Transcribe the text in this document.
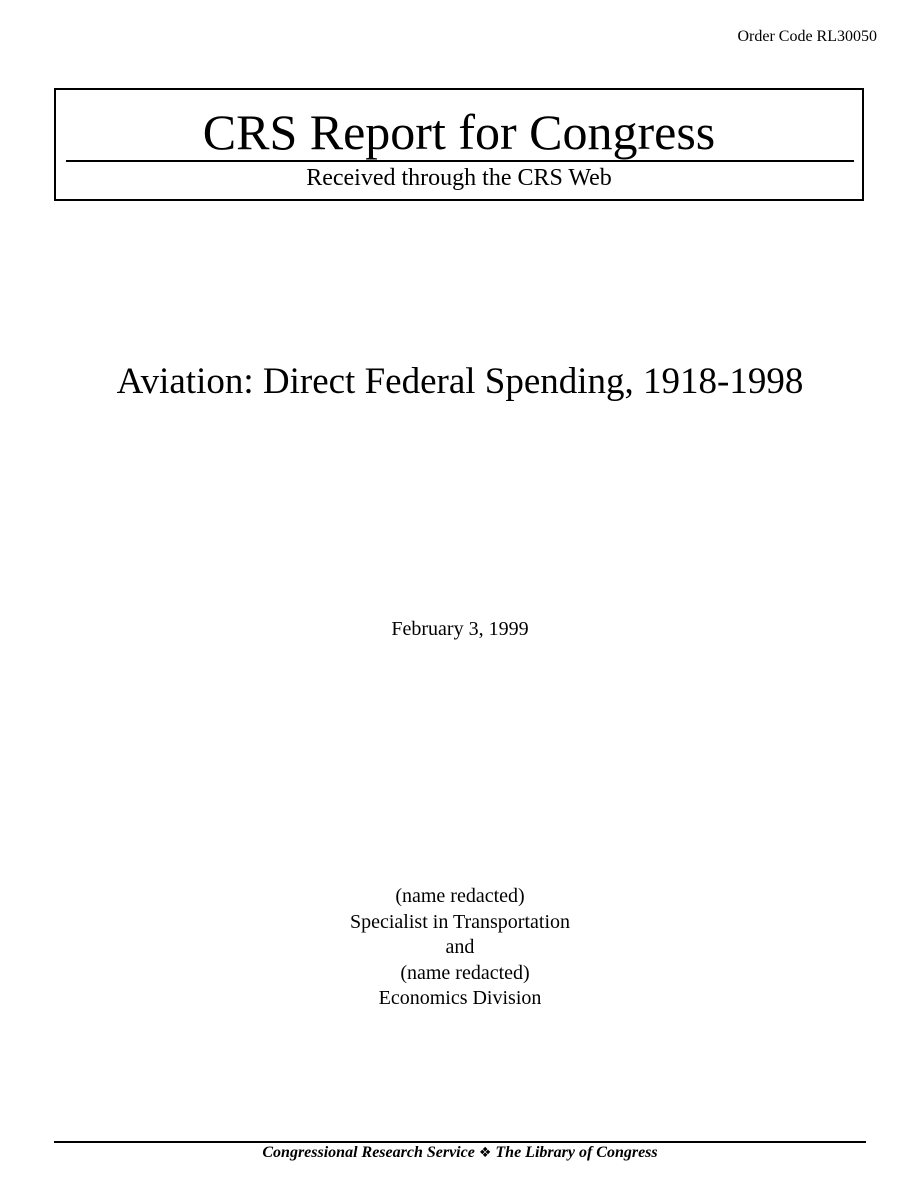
Order Code RL30050
CRS Report for Congress
Received through the CRS Web
Aviation: Direct Federal Spending, 1918-1998
February 3, 1999
(name redacted)
Specialist in Transportation
and
(name redacted)
Economics Division
Congressional Research Service ❖ The Library of Congress
